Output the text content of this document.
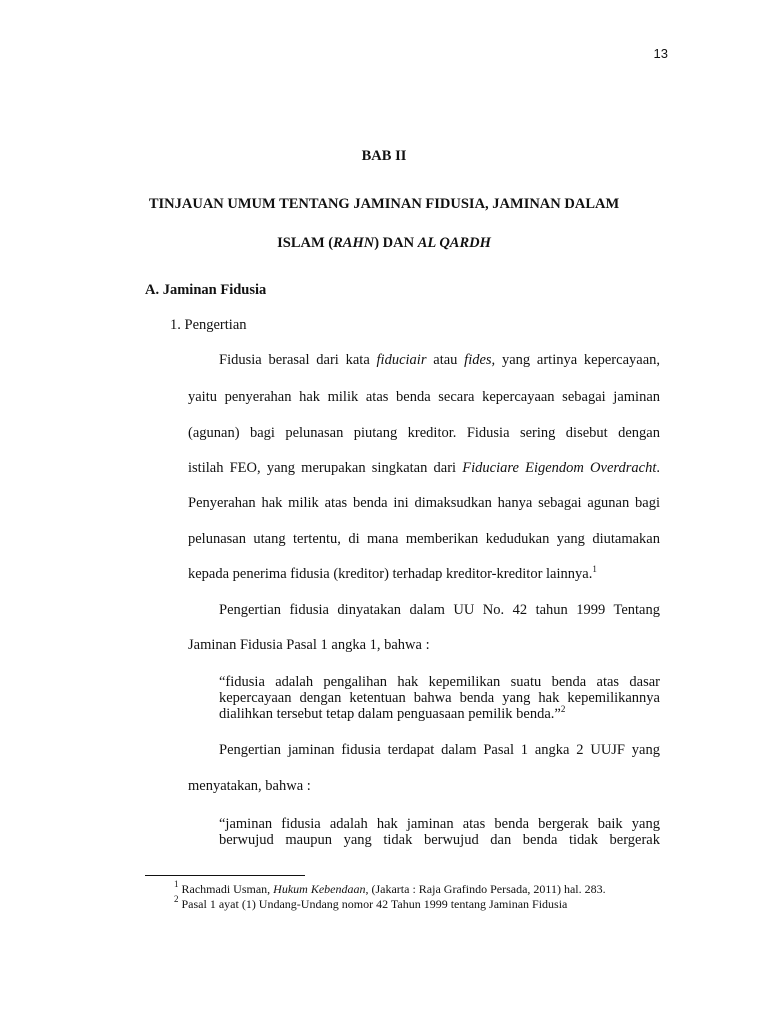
13
BAB II
TINJAUAN UMUM TENTANG JAMINAN FIDUSIA, JAMINAN DALAM
ISLAM (RAHN) DAN AL QARDH
A. Jaminan Fidusia
1. Pengertian
Fidusia berasal dari kata fiduciair atau fides, yang artinya kepercayaan,
yaitu penyerahan hak milik atas benda secara kepercayaan sebagai jaminan
(agunan) bagi pelunasan piutang kreditor. Fidusia sering disebut dengan
istilah FEO, yang merupakan singkatan dari Fiduciare Eigendom Overdracht.
Penyerahan hak milik atas benda ini dimaksudkan hanya sebagai agunan bagi
pelunasan utang tertentu, di mana memberikan kedudukan yang diutamakan
kepada penerima fidusia (kreditor) terhadap kreditor-kreditor lainnya.$^1$
Pengertian fidusia dinyatakan dalam UU No. 42 tahun 1999 Tentang
Jaminan Fidusia Pasal 1 angka 1, bahwa :
“fidusia adalah pengalihan hak kepemilikan suatu benda atas dasar
kepercayaan dengan ketentuan bahwa benda yang hak kepemilikannya
dialihkan tersebut tetap dalam penguasaan pemilik benda.”$^2$
Pengertian jaminan fidusia terdapat dalam Pasal 1 angka 2 UUJF yang
menyatakan, bahwa :
“jaminan fidusia adalah hak jaminan atas benda bergerak baik yang
berwujud maupun yang tidak berwujud dan benda tidak bergerak
$^1$ Rachmadi Usman, Hukum Kebendaan, (Jakarta : Raja Grafindo Persada, 2011) hal. 283.
$^2$ Pasal 1 ayat (1) Undang-Undang nomor 42 Tahun 1999 tentang Jaminan Fidusia
